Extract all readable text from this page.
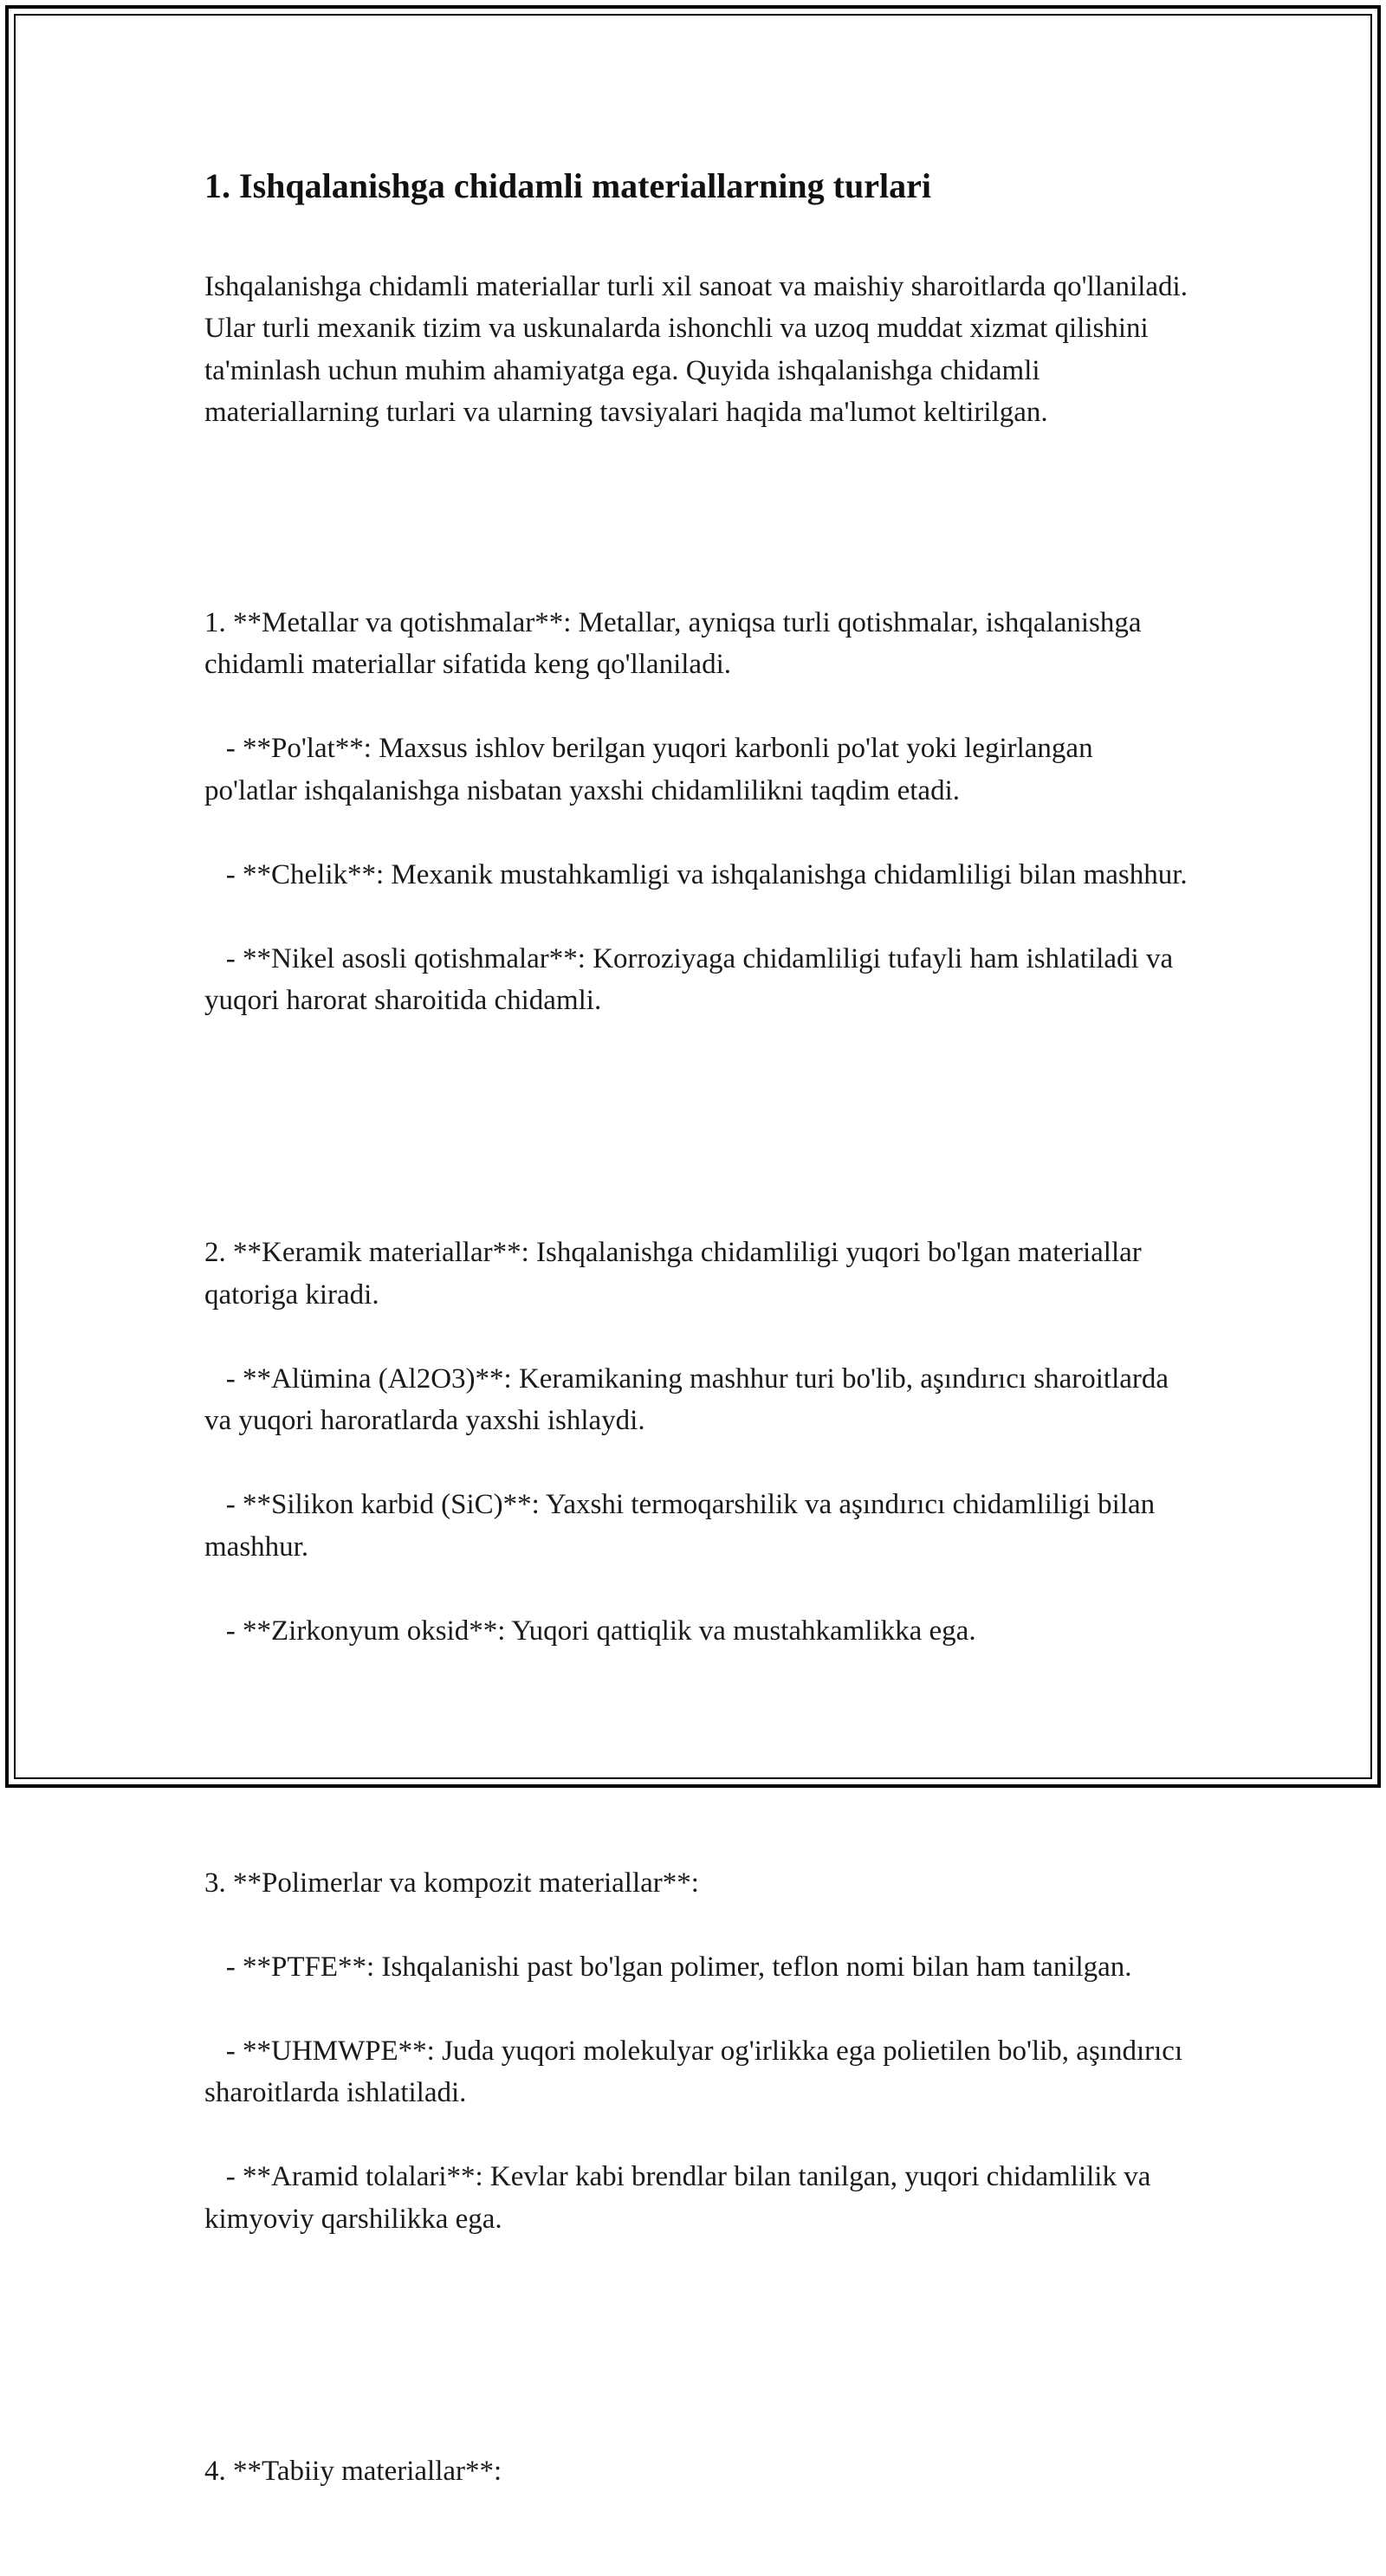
1. Ishqalanishga chidamli materiallarning turlari

Ishqalanishga chidamli materiallar turli xil sanoat va maishiy sharoitlarda qo'llaniladi. Ular turli mexanik tizim va uskunalarda ishonchli va uzoq muddat xizmat qilishini ta'minlash uchun muhim ahamiyatga ega. Quyida ishqalanishga chidamli materiallarning turlari va ularning tavsiyalari haqida ma'lumot keltirilgan.

1. **Metallar va qotishmalar**: Metallar, ayniqsa turli qotishmalar, ishqalanishga chidamli materiallar sifatida keng qo'llaniladi.

- **Po'lat**: Maxsus ishlov berilgan yuqori karbonli po'lat yoki legirlangan po'latlar ishqalanishga nisbatan yaxshi chidamlilikni taqdim etadi.

- **Chelik**: Mexanik mustahkamligi va ishqalanishga chidamliligi bilan mashhur.

- **Nikel asosli qotishmalar**: Korroziyaga chidamliligi tufayli ham ishlatiladi va yuqori harorat sharoitida chidamli.

2. **Keramik materiallar**: Ishqalanishga chidamliligi yuqori bo'lgan materiallar qatoriga kiradi.

- **Alümina (Al2O3)**: Keramikaning mashhur turi bo'lib, aşındırıcı sharoitlarda va yuqori haroratlarda yaxshi ishlaydi.

- **Silikon karbid (SiC)**: Yaxshi termoqarshilik va aşındırıcı chidamliligi bilan mashhur.

- **Zirkonyum oksid**: Yuqori qattiqlik va mustahkamlikka ega.

3. **Polimerlar va kompozit materiallar**:

- **PTFE**: Ishqalanishi past bo'lgan polimer, teflon nomi bilan ham tanilgan.

- **UHMWPE**: Juda yuqori molekulyar og'irlikka ega polietilen bo'lib, aşındırıcı sharoitlarda ishlatiladi.

- **Aramid tolalari**: Kevlar kabi brendlar bilan tanilgan, yuqori chidamlilik va kimyoviy qarshilikka ega.

4. **Tabiiy materiallar**:
